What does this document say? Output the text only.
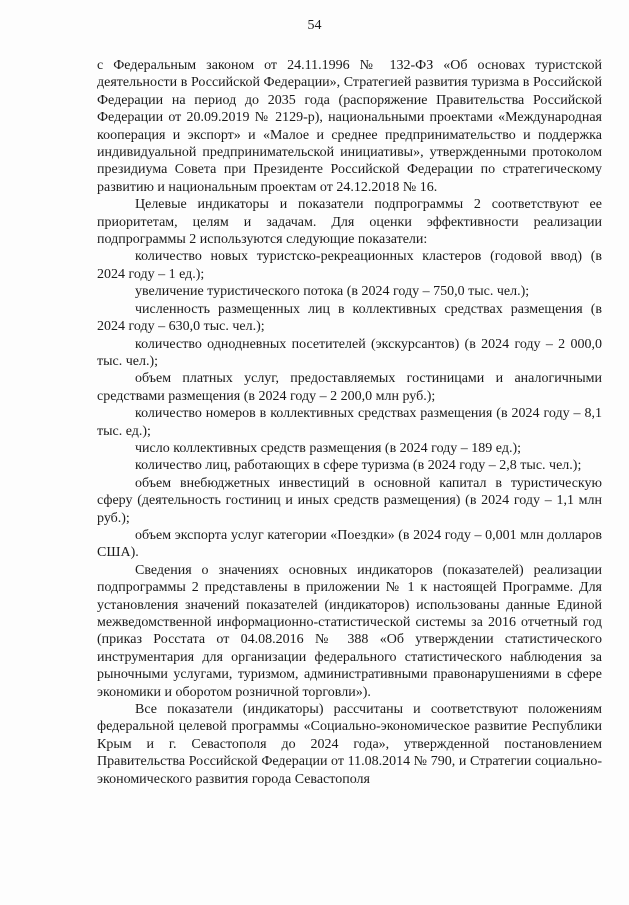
54

с Федеральным законом от 24.11.1996 № 132-ФЗ «Об основах туристской деятельности в Российской Федерации», Стратегией развития туризма в Российской Федерации на период до 2035 года (распоряжение Правительства Российской Федерации от 20.09.2019 № 2129-р), национальными проектами «Международная кооперация и экспорт» и «Малое и среднее предпринимательство и поддержка индивидуальной предпринимательской инициативы», утвержденными протоколом президиума Совета при Президенте Российской Федерации по стратегическому развитию и национальным проектам от 24.12.2018 № 16.

Целевые индикаторы и показатели подпрограммы 2 соответствуют ее приоритетам, целям и задачам. Для оценки эффективности реализации подпрограммы 2 используются следующие показатели:

количество новых туристско-рекреационных кластеров (годовой ввод) (в 2024 году – 1 ед.);

увеличение туристического потока (в 2024 году – 750,0 тыс. чел.);

численность размещенных лиц в коллективных средствах размещения (в 2024 году – 630,0 тыс. чел.);

количество однодневных посетителей (экскурсантов) (в 2024 году – 2 000,0 тыс. чел.);

объем платных услуг, предоставляемых гостиницами и аналогичными средствами размещения (в 2024 году – 2 200,0 млн руб.);

количество номеров в коллективных средствах размещения (в 2024 году – 8,1 тыс. ед.);

число коллективных средств размещения (в 2024 году – 189 ед.);

количество лиц, работающих в сфере туризма (в 2024 году – 2,8 тыс. чел.);

объем внебюджетных инвестиций в основной капитал в туристическую сферу (деятельность гостиниц и иных средств размещения) (в 2024 году – 1,1 млн руб.);

объем экспорта услуг категории «Поездки» (в 2024 году – 0,001 млн долларов США).

Сведения о значениях основных индикаторов (показателей) реализации подпрограммы 2 представлены в приложении № 1 к настоящей Программе. Для установления значений показателей (индикаторов) использованы данные Единой межведомственной информационно-статистической системы за 2016 отчетный год (приказ Росстата от 04.08.2016 № 388 «Об утверждении статистического инструментария для организации федерального статистического наблюдения за рыночными услугами, туризмом, административными правонарушениями в сфере экономики и оборотом розничной торговли»).

Все показатели (индикаторы) рассчитаны и соответствуют положениям федеральной целевой программы «Социально-экономическое развитие Республики Крым и г. Севастополя до 2024 года», утвержденной постановлением Правительства Российской Федерации от 11.08.2014 № 790, и Стратегии социально-экономического развития города Севастополя
